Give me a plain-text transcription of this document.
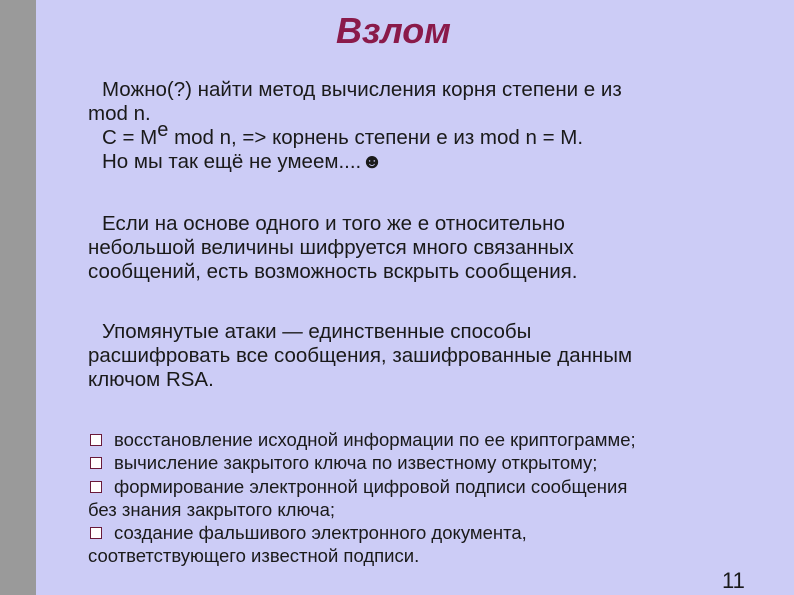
Взлом
Можно(?) найти метод вычисления корня степени e из
mod n.
$C = M^e$ mod n, => корнень степени e из mod n = M.
Но мы так ещё не умеем....☻
Если на основе одного и того же e относительно
небольшой величины шифруется много связанных
сообщений, есть возможность вскрыть сообщения.
Упомянутые атаки — единственные способы
расшифровать все сообщения, зашифрованные данным
ключом RSA.
восстановление исходной информации по ее криптограмме;
вычисление закрытого ключа по известному открытому;
формирование электронной цифровой подписи сообщения
без знания закрытого ключа;
создание фальшивого электронного документа,
соответствующего известной подписи.
11
